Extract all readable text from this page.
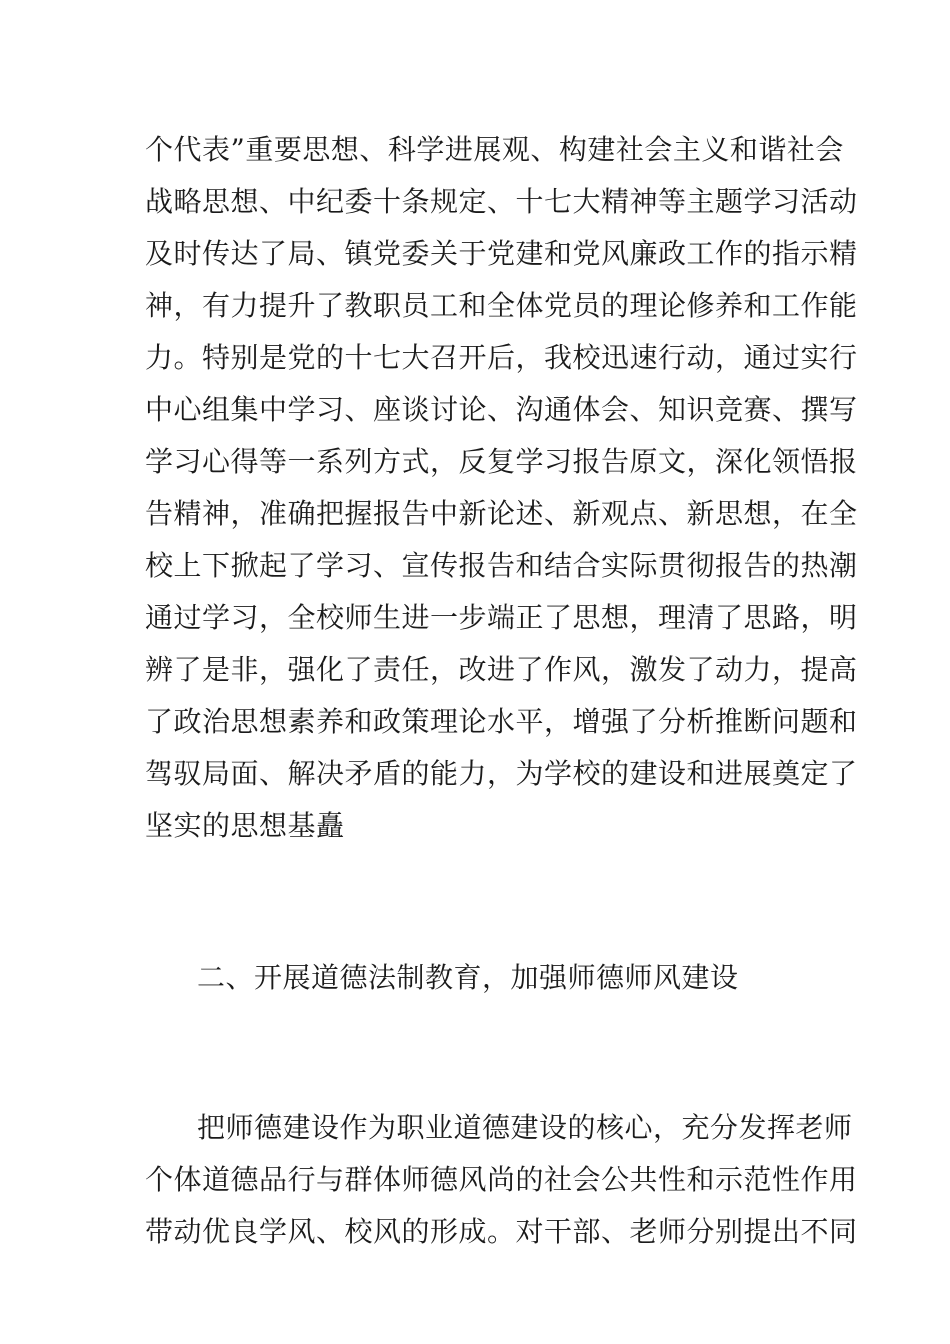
个代表”重要思想、科学进展观、构建社会主义和谐社会
战略思想、中纪委十条规定、十七大精神等主题学习活动
及时传达了局、镇党委关于党建和党风廉政工作的指示精
神，有力提升了教职员工和全体党员的理论修养和工作能
力。特别是党的十七大召开后，我校迅速行动，通过实行
中心组集中学习、座谈讨论、沟通体会、知识竞赛、撰写
学习心得等一系列方式，反复学习报告原文，深化领悟报
告精神，准确把握报告中新论述、新观点、新思想，在全
校上下掀起了学习、宣传报告和结合实际贯彻报告的热潮
通过学习，全校师生进一步端正了思想，理清了思路，明
辨了是非，强化了责任，改进了作风，激发了动力，提高
了政治思想素养和政策理论水平，增强了分析推断问题和
驾驭局面、解决矛盾的能力，为学校的建设和进展奠定了
坚实的思想基矗
二、开展道德法制教育，加强师德师风建设
把师德建设作为职业道德建设的核心，充分发挥老师
个体道德品行与群体师德风尚的社会公共性和示范性作用
带动优良学风、校风的形成。对干部、老师分别提出不同
